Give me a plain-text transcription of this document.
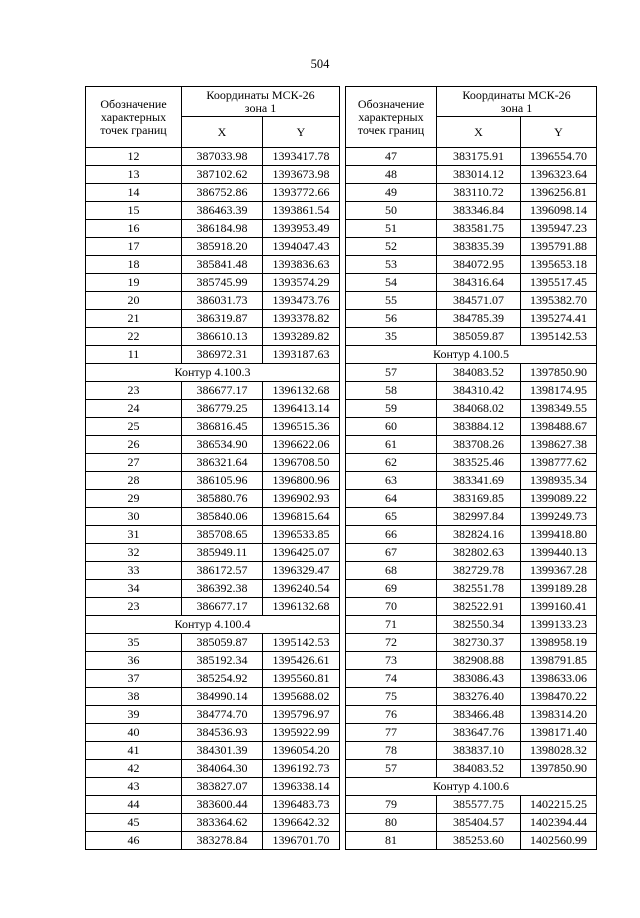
504
Обозначение характерных точек границ	Координаты МСК-26
зона 1	
	X	Y
12	387033.98	1393417.78
13	387102.62	1393673.98
14	386752.86	1393772.66
15	386463.39	1393861.54
16	386184.98	1393953.49
17	385918.20	1394047.43
18	385841.48	1393836.63
19	385745.99	1393574.29
20	386031.73	1393473.76
21	386319.87	1393378.82
22	386610.13	1393289.82
11	386972.31	1393187.63
Контур 4.100.3		
23	386677.17	1396132.68
24	386779.25	1396413.14
25	386816.45	1396515.36
26	386534.90	1396622.06
27	386321.64	1396708.50
28	386105.96	1396800.96
29	385880.76	1396902.93
30	385840.06	1396815.64
31	385708.65	1396533.85
32	385949.11	1396425.07
33	386172.57	1396329.47
34	386392.38	1396240.54
23	386677.17	1396132.68
Контур 4.100.4		
35	385059.87	1395142.53
36	385192.34	1395426.61
37	385254.92	1395560.81
38	384990.14	1395688.02
39	384774.70	1395796.97
40	384536.93	1395922.99
41	384301.39	1396054.20
42	384064.30	1396192.73
43	383827.07	1396338.14
44	383600.44	1396483.73
45	383364.62	1396642.32
46	383278.84	1396701.70
Обозначение характерных точек границ	Координаты МСК-26
зона 1	
	X	Y
47	383175.91	1396554.70
48	383014.12	1396323.64
49	383110.72	1396256.81
50	383346.84	1396098.14
51	383581.75	1395947.23
52	383835.39	1395791.88
53	384072.95	1395653.18
54	384316.64	1395517.45
55	384571.07	1395382.70
56	384785.39	1395274.41
35	385059.87	1395142.53
Контур 4.100.5		
57	384083.52	1397850.90
58	384310.42	1398174.95
59	384068.02	1398349.55
60	383884.12	1398488.67
61	383708.26	1398627.38
62	383525.46	1398777.62
63	383341.69	1398935.34
64	383169.85	1399089.22
65	382997.84	1399249.73
66	382824.16	1399418.80
67	382802.63	1399440.13
68	382729.78	1399367.28
69	382551.78	1399189.28
70	382522.91	1399160.41
71	382550.34	1399133.23
72	382730.37	1398958.19
73	382908.88	1398791.85
74	383086.43	1398633.06
75	383276.40	1398470.22
76	383466.48	1398314.20
77	383647.76	1398171.40
78	383837.10	1398028.32
57	384083.52	1397850.90
Контур 4.100.6		
79	385577.75	1402215.25
80	385404.57	1402394.44
81	385253.60	1402560.99
